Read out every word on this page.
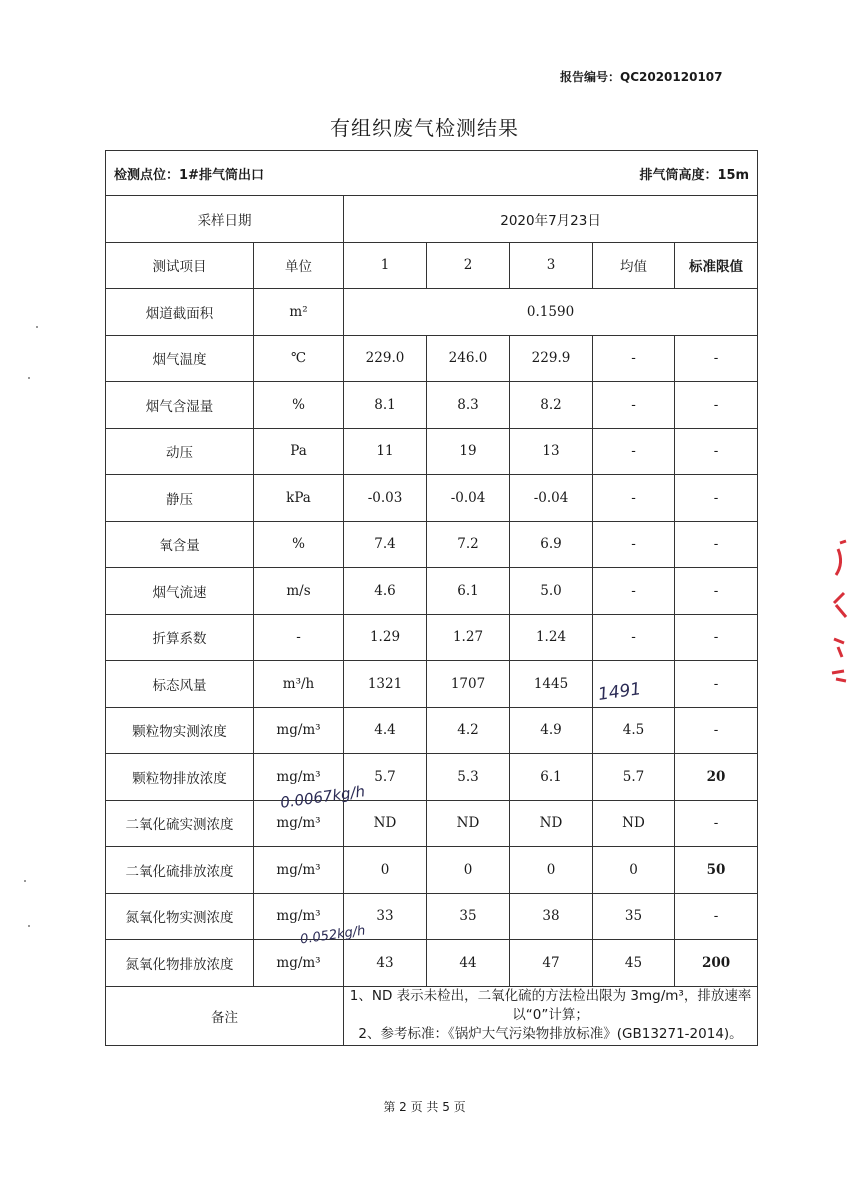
报告编号：QC2020120107
有组织废气检测结果
检测点位：1#排气筒出口 排气筒高度：15m						

采样日期		2020年7月23日				
测试项目	单位	1	2	3	均值	标准限值
烟道截面积	m²	0.1590				
烟气温度	℃	229.0	246.0	229.9	-	-
烟气含湿量	%	8.1	8.3	8.2	-	-
动压	Pa	11	19	13	-	-
静压	kPa	-0.03	-0.04	-0.04	-	-
氧含量	%	7.4	7.2	6.9	-	-
烟气流速	m/s	4.6	6.1	5.0	-	-
折算系数	-	1.29	1.27	1.24	-	-
标态风量	m³/h	1321	1707	1445		-
颗粒物实测浓度	mg/m³	4.4	4.2	4.9	4.5	-
颗粒物排放浓度	mg/m³	5.7	5.3	6.1	5.7	20
二氧化硫实测浓度	mg/m³	ND	ND	ND	ND	-
二氧化硫排放浓度	mg/m³	0	0	0	0	50
氮氧化物实测浓度	mg/m³	33	35	38	35	-
氮氧化物排放浓度	mg/m³	43	44	47	45	200
备注		1、ND 表示未检出，二氧化硫的方法检出限为 3mg/m³，排放速率以“0”计算；
2、参考标准：《锅炉大气污染物排放标准》(GB13271-2014)。				
1491
0.0067kg/h
0.052kg/h
第 2 页 共 5 页
